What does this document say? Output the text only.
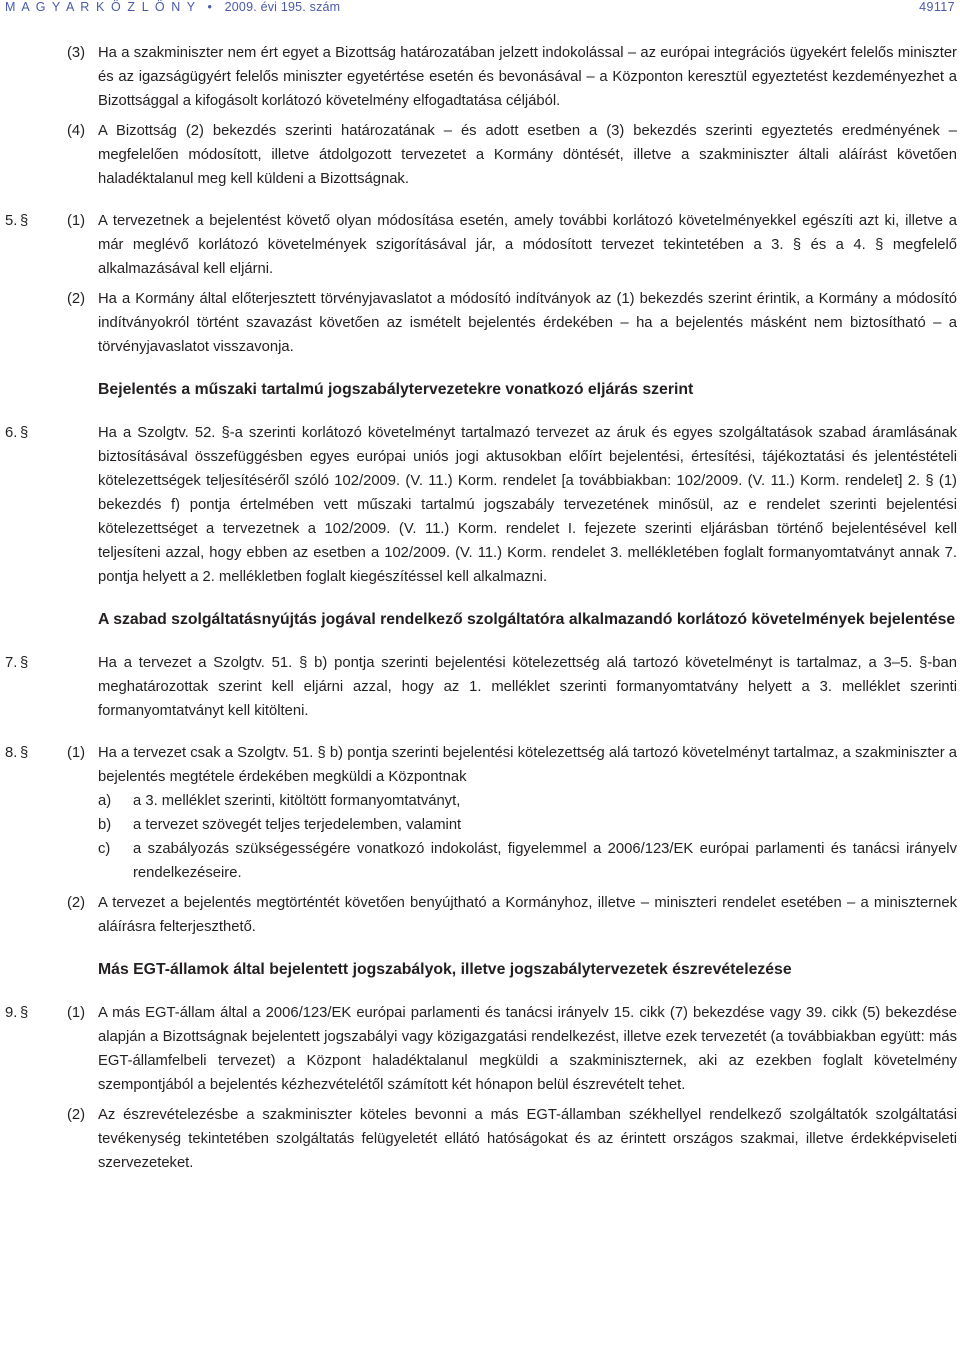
M A G Y A R K Ö Z L Ö N Y • 2009. évi 195. szám	49117
(3) Ha a szakminiszter nem ért egyet a Bizottság határozatában jelzett indokolással – az európai integrációs ügyekért felelős miniszter és az igazságügyért felelős miniszter egyetértése esetén és bevonásával – a Központon keresztül egyeztetést kezdeményezhet a Bizottsággal a kifogásolt korlátozó követelmény elfogadtatása céljából.
(4) A Bizottság (2) bekezdés szerinti határozatának – és adott esetben a (3) bekezdés szerinti egyeztetés eredményének – megfelelően módosított, illetve átdolgozott tervezetet a Kormány döntését, illetve a szakminiszter általi aláírást követően haladéktalanul meg kell küldeni a Bizottságnak.
5. §	(1) A tervezetnek a bejelentést követő olyan módosítása esetén, amely további korlátozó követelményekkel egészíti azt ki, illetve a már meglévő korlátozó követelmények szigorításával jár, a módosított tervezet tekintetében a 3. § és a 4. § megfelelő alkalmazásával kell eljárni.
(2) Ha a Kormány által előterjesztett törvényjavaslatot a módosító indítványok az (1) bekezdés szerint érintik, a Kormány a módosító indítványokról történt szavazást követően az ismételt bejelentés érdekében – ha a bejelentés másként nem biztosítható – a törvényjavaslatot visszavonja.
Bejelentés a műszaki tartalmú jogszabálytervezetekre vonatkozó eljárás szerint
6. §	Ha a Szolgtv. 52. §-a szerinti korlátozó követelményt tartalmazó tervezet az áruk és egyes szolgáltatások szabad áramlásának biztosításával összefüggésben egyes európai uniós jogi aktusokban előírt bejelentési, értesítési, tájékoztatási és jelentéstételi kötelezettségek teljesítéséről szóló 102/2009. (V. 11.) Korm. rendelet [a továbbiakban: 102/2009. (V. 11.) Korm. rendelet] 2. § (1) bekezdés f) pontja értelmében vett műszaki tartalmú jogszabály tervezetének minősül, az e rendelet szerinti bejelentési kötelezettséget a tervezetnek a 102/2009. (V. 11.) Korm. rendelet I. fejezete szerinti eljárásban történő bejelentésével kell teljesíteni azzal, hogy ebben az esetben a 102/2009. (V. 11.) Korm. rendelet 3. mellékletében foglalt formanyomtatványt annak 7. pontja helyett a 2. mellékletben foglalt kiegészítéssel kell alkalmazni.
A szabad szolgáltatásnyújtás jogával rendelkező szolgáltatóra alkalmazandó korlátozó követelmények bejelentése
7. §	Ha a tervezet a Szolgtv. 51. § b) pontja szerinti bejelentési kötelezettség alá tartozó követelményt is tartalmaz, a 3–5. §-ban meghatározottak szerint kell eljárni azzal, hogy az 1. melléklet szerinti formanyomtatvány helyett a 3. melléklet szerinti formanyomtatványt kell kitölteni.
8. §	(1) Ha a tervezet csak a Szolgtv. 51. § b) pontja szerinti bejelentési kötelezettség alá tartozó követelményt tartalmaz, a szakminiszter a bejelentés megtétele érdekében megküldi a Központnak
a) a 3. melléklet szerinti, kitöltött formanyomtatványt,
b) a tervezet szövegét teljes terjedelemben, valamint
c) a szabályozás szükségességére vonatkozó indokolást, figyelemmel a 2006/123/EK európai parlamenti és tanácsi irányelv rendelkezéseire.
(2) A tervezet a bejelentés megtörténtét követően benyújtható a Kormányhoz, illetve – miniszteri rendelet esetében – a miniszternek aláírásra felterjeszthető.
Más EGT-államok által bejelentett jogszabályok, illetve jogszabálytervezetek észrevételezése
9. §	(1) A más EGT-állam által a 2006/123/EK európai parlamenti és tanácsi irányelv 15. cikk (7) bekezdése vagy 39. cikk (5) bekezdése alapján a Bizottságnak bejelentett jogszabályi vagy közigazgatási rendelkezést, illetve ezek tervezetét (a továbbiakban együtt: más EGT-államfelbeli tervezet) a Központ haladéktalanul megküldi a szakminiszternek, aki az ezekben foglalt követelmény szempontjából a bejelentés kézhezvételétől számított két hónapon belül észrevételt tehet.
(2) Az észrevételezésbe a szakminiszter köteles bevonni a más EGT-államban székhellyel rendelkező szolgáltatók szolgáltatási tevékenység tekintetében szolgáltatás felügyeletét ellátó hatóságokat és az érintett országos szakmai, illetve érdekképviseleti szervezeteket.
